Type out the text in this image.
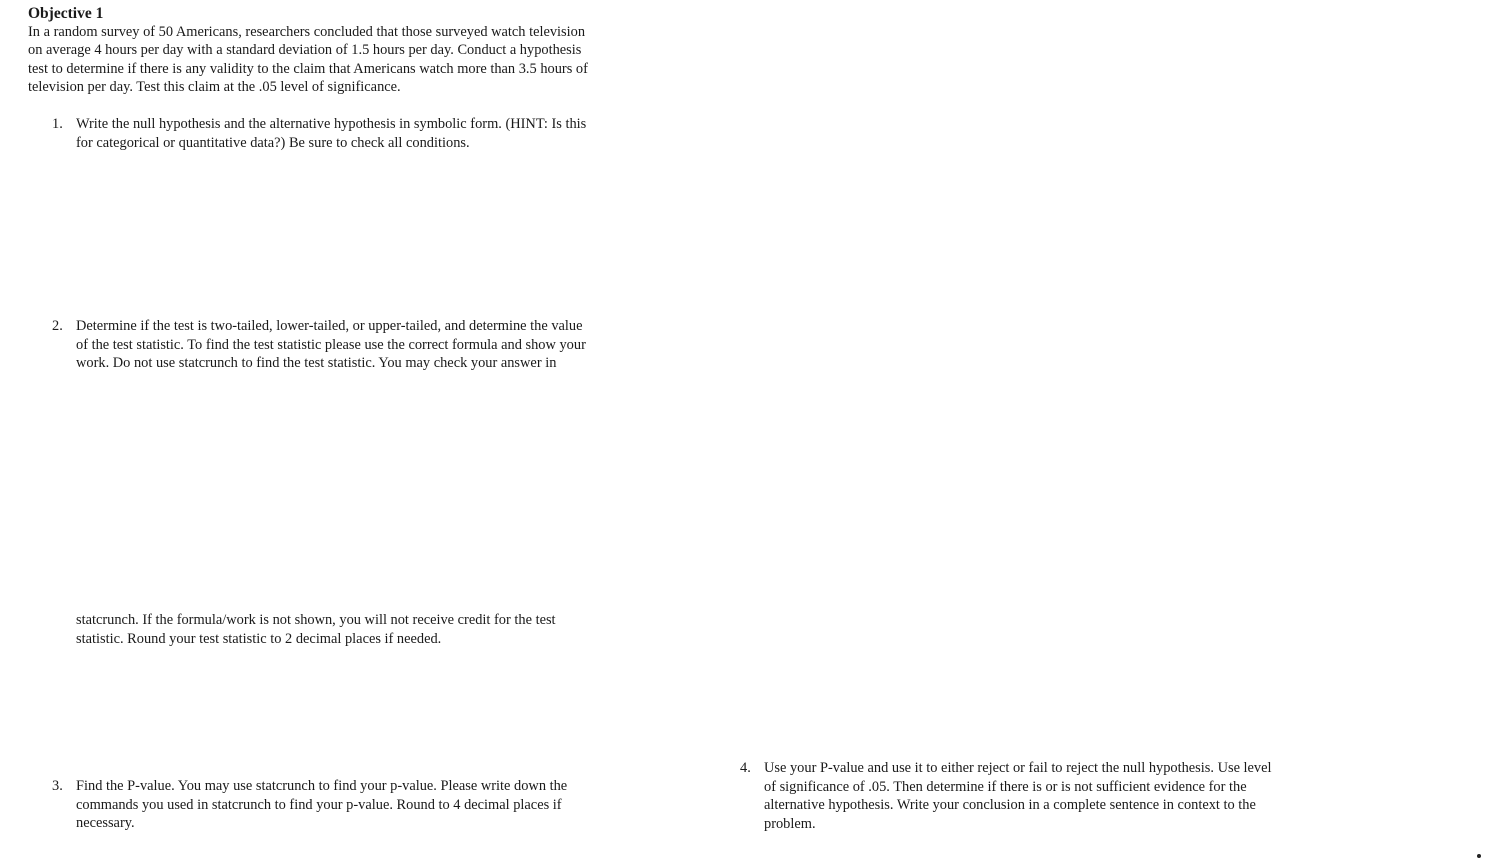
Objective 1

In a random survey of 50 Americans, researchers concluded that those surveyed watch television
on average 4 hours per day with a standard deviation of 1.5 hours per day. Conduct a hypothesis
test to determine if there is any validity to the claim that Americans watch more than 3.5 hours of
television per day. Test this claim at the .05 level of significance.

1. Write the null hypothesis and the alternative hypothesis in symbolic form. (HINT: Is this
for categorical or quantitative data?) Be sure to check all conditions.
2. Determine if the test is two-tailed, lower-tailed, or upper-tailed, and determine the value
of the test statistic. To find the test statistic please use the correct formula and show your
work. Do not use statcrunch to find the test statistic. You may check your answer in
statcrunch. If the formula/work is not shown, you will not receive credit for the test
statistic. Round your test statistic to 2 decimal places if needed.
3. Find the P-value. You may use statcrunch to find your p-value. Please write down the
commands you used in statcrunch to find your p-value. Round to 4 decimal places if
necessary.
4. Use your P-value and use it to either reject or fail to reject the null hypothesis. Use level
of significance of .05. Then determine if there is or is not sufficient evidence for the
alternative hypothesis. Write your conclusion in a complete sentence in context to the
problem.
